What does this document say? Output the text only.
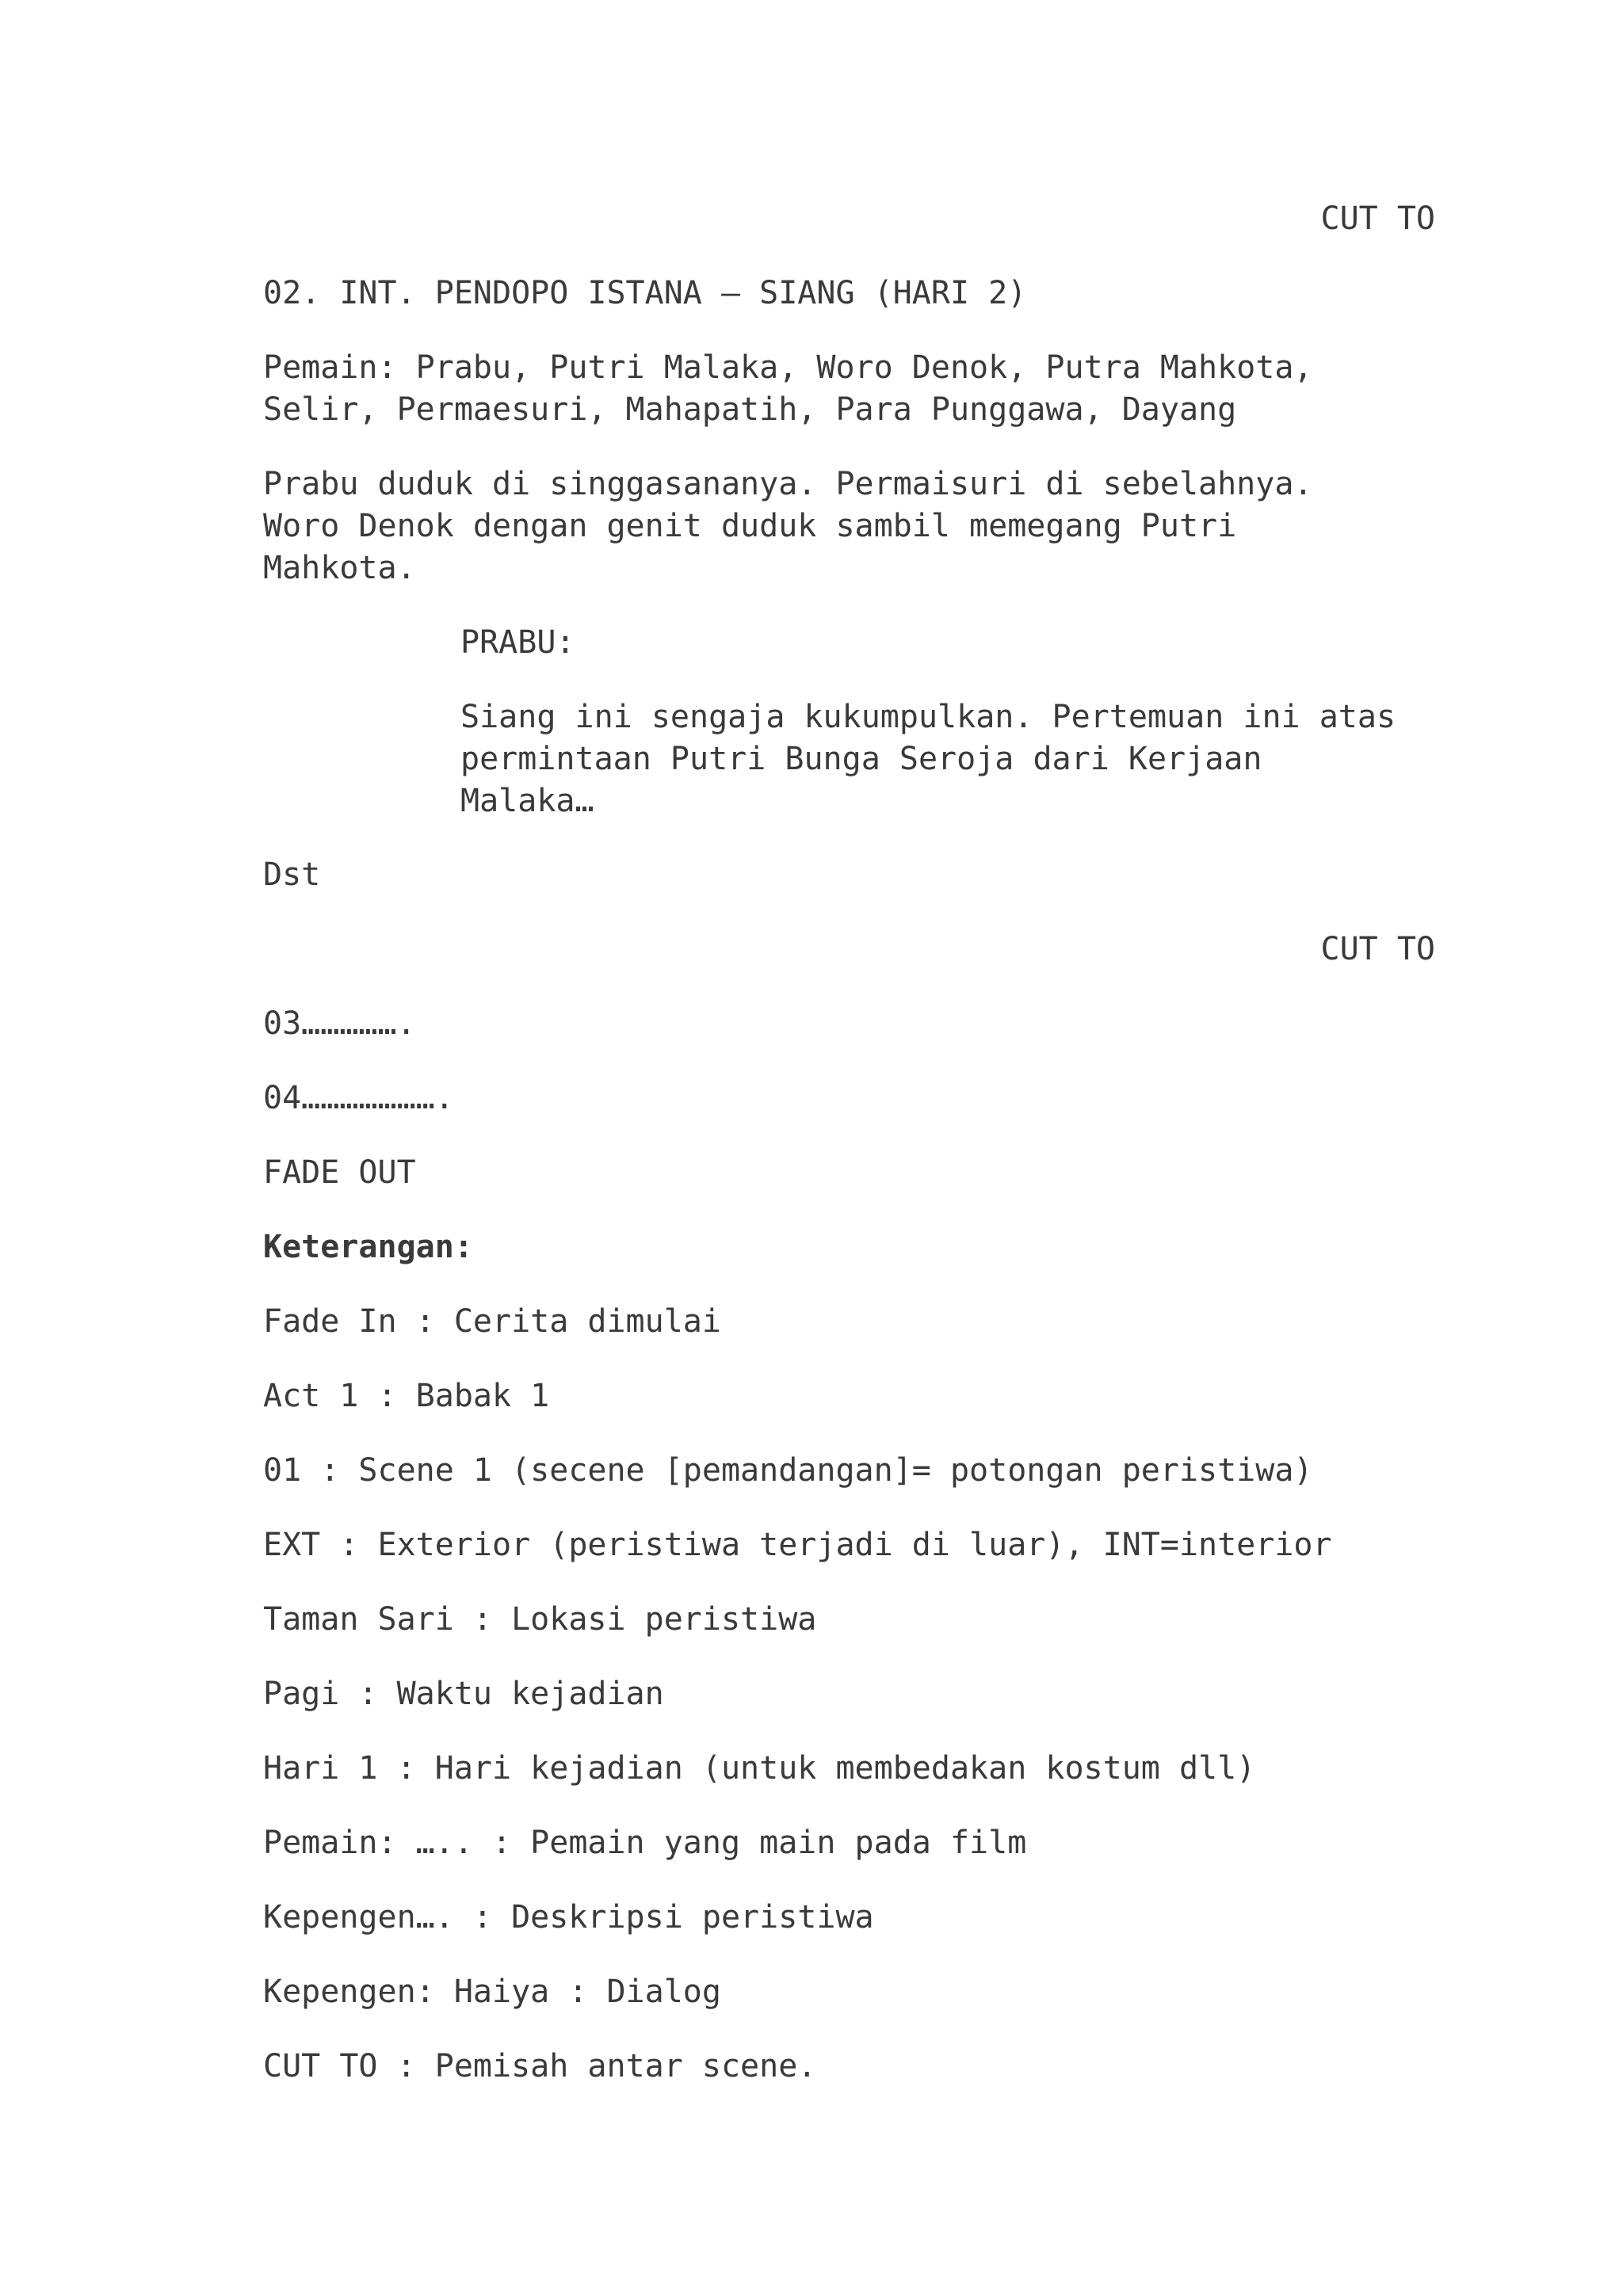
CUT TO

02. INT. PENDOPO ISTANA – SIANG (HARI 2)

Pemain: Prabu, Putri Malaka, Woro Denok, Putra Mahkota,

Selir, Permaesuri, Mahapatih, Para Punggawa, Dayang

Prabu duduk di singgasananya. Permaisuri di sebelahnya.

Woro Denok dengan genit duduk sambil memegang Putri

Mahkota.

PRABU:

Siang ini sengaja kukumpulkan. Pertemuan ini atas

permintaan Putri Bunga Seroja dari Kerjaan

Malaka…

Dst

CUT TO

03…………….

04………………….

FADE OUT

Keterangan:

Fade In : Cerita dimulai

Act 1 : Babak 1

01 : Scene 1 (secene [pemandangan]= potongan peristiwa)

EXT : Exterior (peristiwa terjadi di luar), INT=interior

Taman Sari : Lokasi peristiwa

Pagi : Waktu kejadian

Hari 1 : Hari kejadian (untuk membedakan kostum dll)

Pemain: ….. : Pemain yang main pada film

Kepengen…. : Deskripsi peristiwa

Kepengen: Haiya : Dialog

CUT TO : Pemisah antar scene.
